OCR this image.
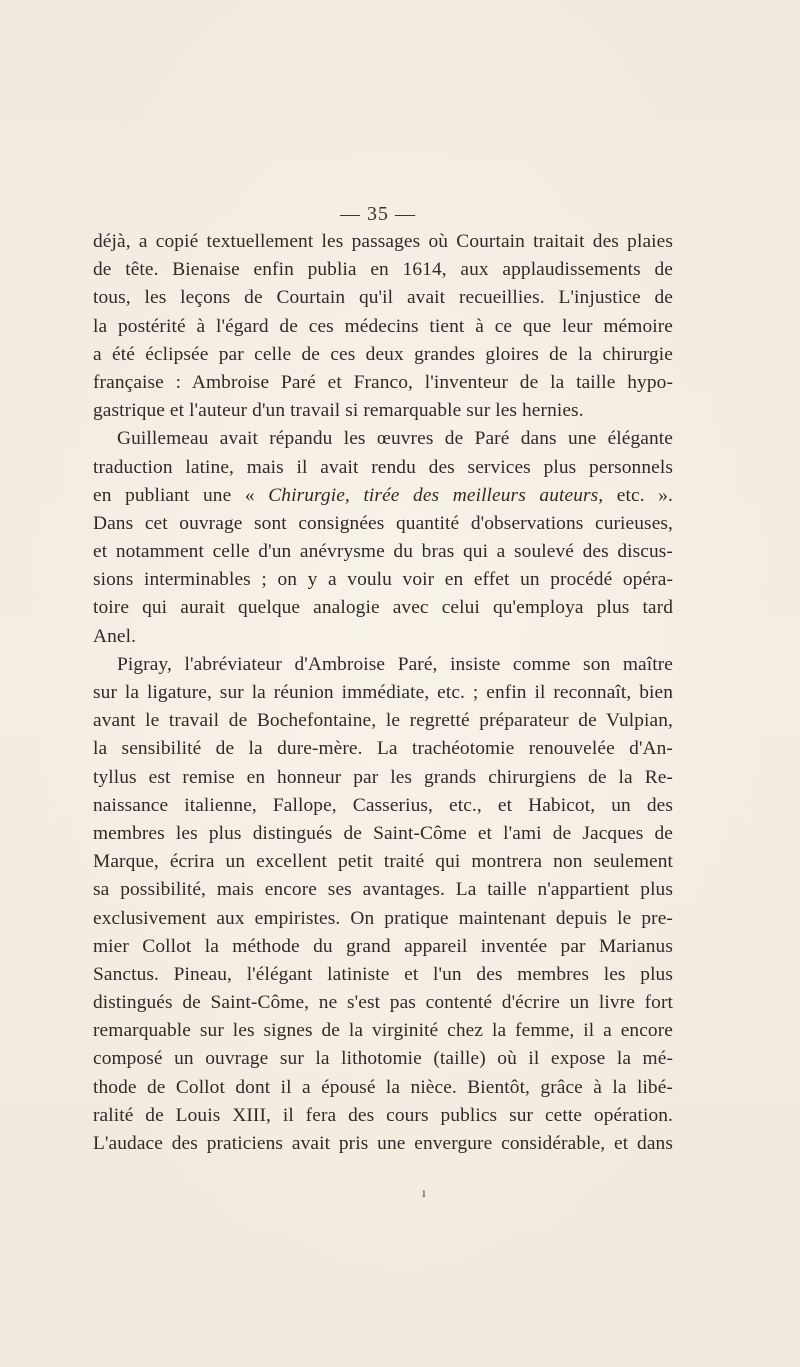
— 35 —
déjà, a copié textuellement les passages où Courtain traitait des plaies
de tête. Bienaise enfin publia en 1614, aux applaudissements de
tous, les leçons de Courtain qu'il avait recueillies. L'injustice de
la postérité à l'égard de ces médecins tient à ce que leur mémoire
a été éclipsée par celle de ces deux grandes gloires de la chirurgie
française : Ambroise Paré et Franco, l'inventeur de la taille hypo-
gastrique et l'auteur d'un travail si remarquable sur les hernies.
Guillemeau avait répandu les œuvres de Paré dans une élégante
traduction latine, mais il avait rendu des services plus personnels
en publiant une « Chirurgie, tirée des meilleurs auteurs, etc. ».
Dans cet ouvrage sont consignées quantité d'observations curieuses,
et notamment celle d'un anévrysme du bras qui a soulevé des discus-
sions interminables ; on y a voulu voir en effet un procédé opéra-
toire qui aurait quelque analogie avec celui qu'employa plus tard
Anel.
Pigray, l'abréviateur d'Ambroise Paré, insiste comme son maître
sur la ligature, sur la réunion immédiate, etc. ; enfin il reconnaît, bien
avant le travail de Bochefontaine, le regretté préparateur de Vulpian,
la sensibilité de la dure-mère. La trachéotomie renouvelée d'An-
tyllus est remise en honneur par les grands chirurgiens de la Re-
naissance italienne, Fallope, Casserius, etc., et Habicot, un des
membres les plus distingués de Saint-Côme et l'ami de Jacques de
Marque, écrira un excellent petit traité qui montrera non seulement
sa possibilité, mais encore ses avantages. La taille n'appartient plus
exclusivement aux empiristes. On pratique maintenant depuis le pre-
mier Collot la méthode du grand appareil inventée par Marianus
Sanctus. Pineau, l'élégant latiniste et l'un des membres les plus
distingués de Saint-Côme, ne s'est pas contenté d'écrire un livre fort
remarquable sur les signes de la virginité chez la femme, il a encore
composé un ouvrage sur la lithotomie (taille) où il expose la mé-
thode de Collot dont il a épousé la nièce. Bientôt, grâce à la libé-
ralité de Louis XIII, il fera des cours publics sur cette opération.
L'audace des praticiens avait pris une envergure considérable, et dans
ı
